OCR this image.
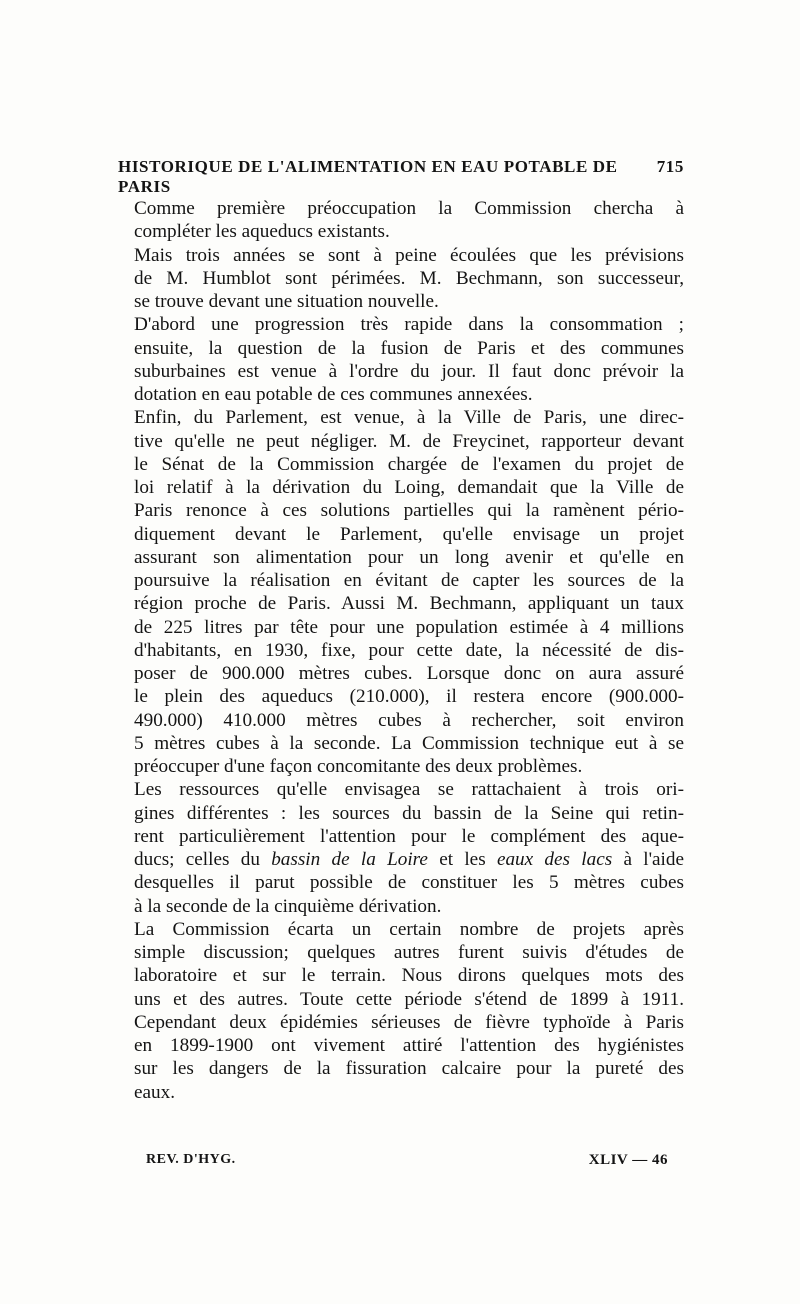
HISTORIQUE DE L'ALIMENTATION EN EAU POTABLE DE PARIS
715

Comme première préoccupation la Commission chercha à
compléter les aqueducs existants.

Mais trois années se sont à peine écoulées que les prévisions
de M. Humblot sont périmées. M. Bechmann, son successeur,
se trouve devant une situation nouvelle.

D'abord une progression très rapide dans la consommation ;
ensuite, la question de la fusion de Paris et des communes
suburbaines est venue à l'ordre du jour. Il faut donc prévoir la
dotation en eau potable de ces communes annexées.

Enfin, du Parlement, est venue, à la Ville de Paris, une direc-
tive qu'elle ne peut négliger. M. de Freycinet, rapporteur devant
le Sénat de la Commission chargée de l'examen du projet de
loi relatif à la dérivation du Loing, demandait que la Ville de
Paris renonce à ces solutions partielles qui la ramènent pério-
diquement devant le Parlement, qu'elle envisage un projet
assurant son alimentation pour un long avenir et qu'elle en
poursuive la réalisation en évitant de capter les sources de la
région proche de Paris. Aussi M. Bechmann, appliquant un taux
de 225 litres par tête pour une population estimée à 4 millions
d'habitants, en 1930, fixe, pour cette date, la nécessité de dis-
poser de 900.000 mètres cubes. Lorsque donc on aura assuré
le plein des aqueducs (210.000), il restera encore (900.000-
490.000) 410.000 mètres cubes à rechercher, soit environ
5 mètres cubes à la seconde. La Commission technique eut à se
préoccuper d'une façon concomitante des deux problèmes.

Les ressources qu'elle envisagea se rattachaient à trois ori-
gines différentes : les sources du bassin de la Seine qui retin-
rent particulièrement l'attention pour le complément des aque-
ducs; celles du bassin de la Loire et les eaux des lacs à l'aide
desquelles il parut possible de constituer les 5 mètres cubes
à la seconde de la cinquième dérivation.

La Commission écarta un certain nombre de projets après
simple discussion; quelques autres furent suivis d'études de
laboratoire et sur le terrain. Nous dirons quelques mots des
uns et des autres. Toute cette période s'étend de 1899 à 1911.
Cependant deux épidémies sérieuses de fièvre typhoïde à Paris
en 1899-1900 ont vivement attiré l'attention des hygiénistes
sur les dangers de la fissuration calcaire pour la pureté des
eaux.

REV. D'HYG.	XLIV — 46
